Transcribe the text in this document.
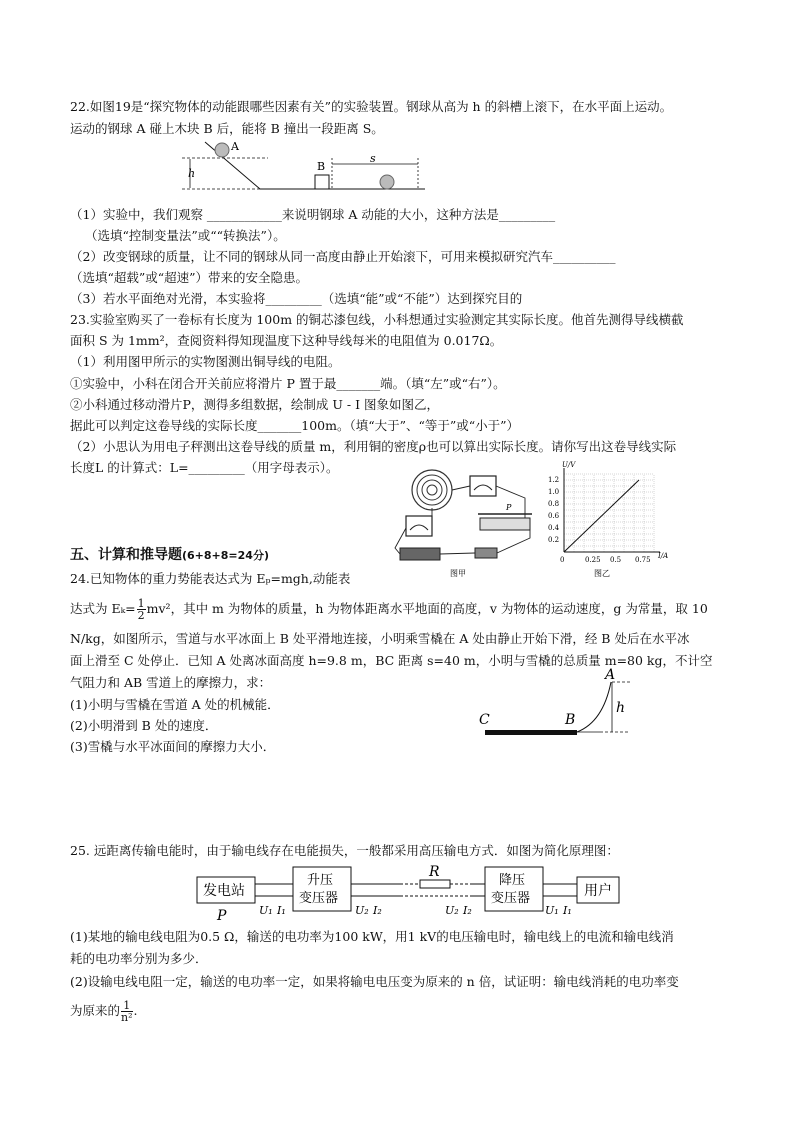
22.如图19是“探究物体的动能跟哪些因素有关”的实验装置。钢球从高为 h 的斜槽上滚下，在水平面上运动。
运动的钢球 A 碰上木块 B 后，能将 B 撞出一段距离 S。
h
A
B
s
（1）实验中，我们观察 ____________来说明钢球 A 动能的大小，这种方法是_________
（选填“控制变量法”或““转换法”）。
（2）改变钢球的质量，让不同的钢球从同一高度由静止开始滚下，可用来模拟研究汽车__________
（选填“超载”或“超速”）带来的安全隐患。
（3）若水平面绝对光滑，本实验将_________（选填“能”或“不能”）达到探究目的
23.实验室购买了一卷标有长度为 100m 的铜芯漆包线，小科想通过实验测定其实际长度。他首先测得导线横截
面积 S 为 1mm²，查阅资料得知现温度下这种导线每米的电阻值为 0.017Ω。
（1）利用图甲所示的实物图测出铜导线的电阻。
①实验中，小科在闭合开关前应将滑片 P 置于最_______端。（填“左”或“右”）。
②小科通过移动滑片P，测得多组数据，绘制成 U - I 图象如图乙，
据此可以判定这卷导线的实际长度_______100m。（填“大于”、“等于”或“小于”）
（2）小思认为用电子秤测出这卷导线的质量 m，利用铜的密度ρ也可以算出实际长度。请你写出这卷导线实际
长度L 的计算式：L=_________（用字母表示）。
P
图甲
0	0.25 0.5 0.75
0.2
0.4
0.6
0.8
1.0
1.2
I/A
U/V
图乙
五、计算和推导题(6+8+8=24分)
24.已知物体的重力势能表达式为 Eₚ=mgh,动能表
达式为 $E_k= \frac{1}{2} mv^2$，其中 m 为物体的质量，h 为物体距离水平地面的高度，v 为物体的运动速度，g 为常量，取 10
N/kg，如图所示，雪道与水平冰面上 B 处平滑地连接，小明乘雪橇在 A 处由静止开始下滑，经 B 处后在水平冰
面上滑至 C 处停止．已知 A 处离冰面高度 h=9.8 m，BC 距离 s=40 m，小明与雪橇的总质量 m=80 kg，不计空
气阻力和 AB 雪道上的摩擦力，求：
(1)小明与雪橇在雪道 A 处的机械能．
(2)小明滑到 B 处的速度．
(3)雪橇与水平冰面间的摩擦力大小．
A
B
C
h
25. 远距离传输电能时，由于输电线存在电能损失，一般都采用高压输电方式．如图为简化原理图：
发电站
升压
变压器
R
降压
变压器	用户
P	U₁ I₁	U₂ I₂	U₂ I₂	U₁ I₁
(1)某地的输电线电阻为0.5 Ω，输送的电功率为100 kW，用1 kV的电压输电时，输电线上的电流和输电线消
耗的电功率分别为多少．
(2)设输电线电阻一定，输送的电功率一定，如果将输电电压变为原来的 n 倍，试证明：输电线消耗的电功率变
为原来的 $\frac{1}{\text{n²}}$ .
